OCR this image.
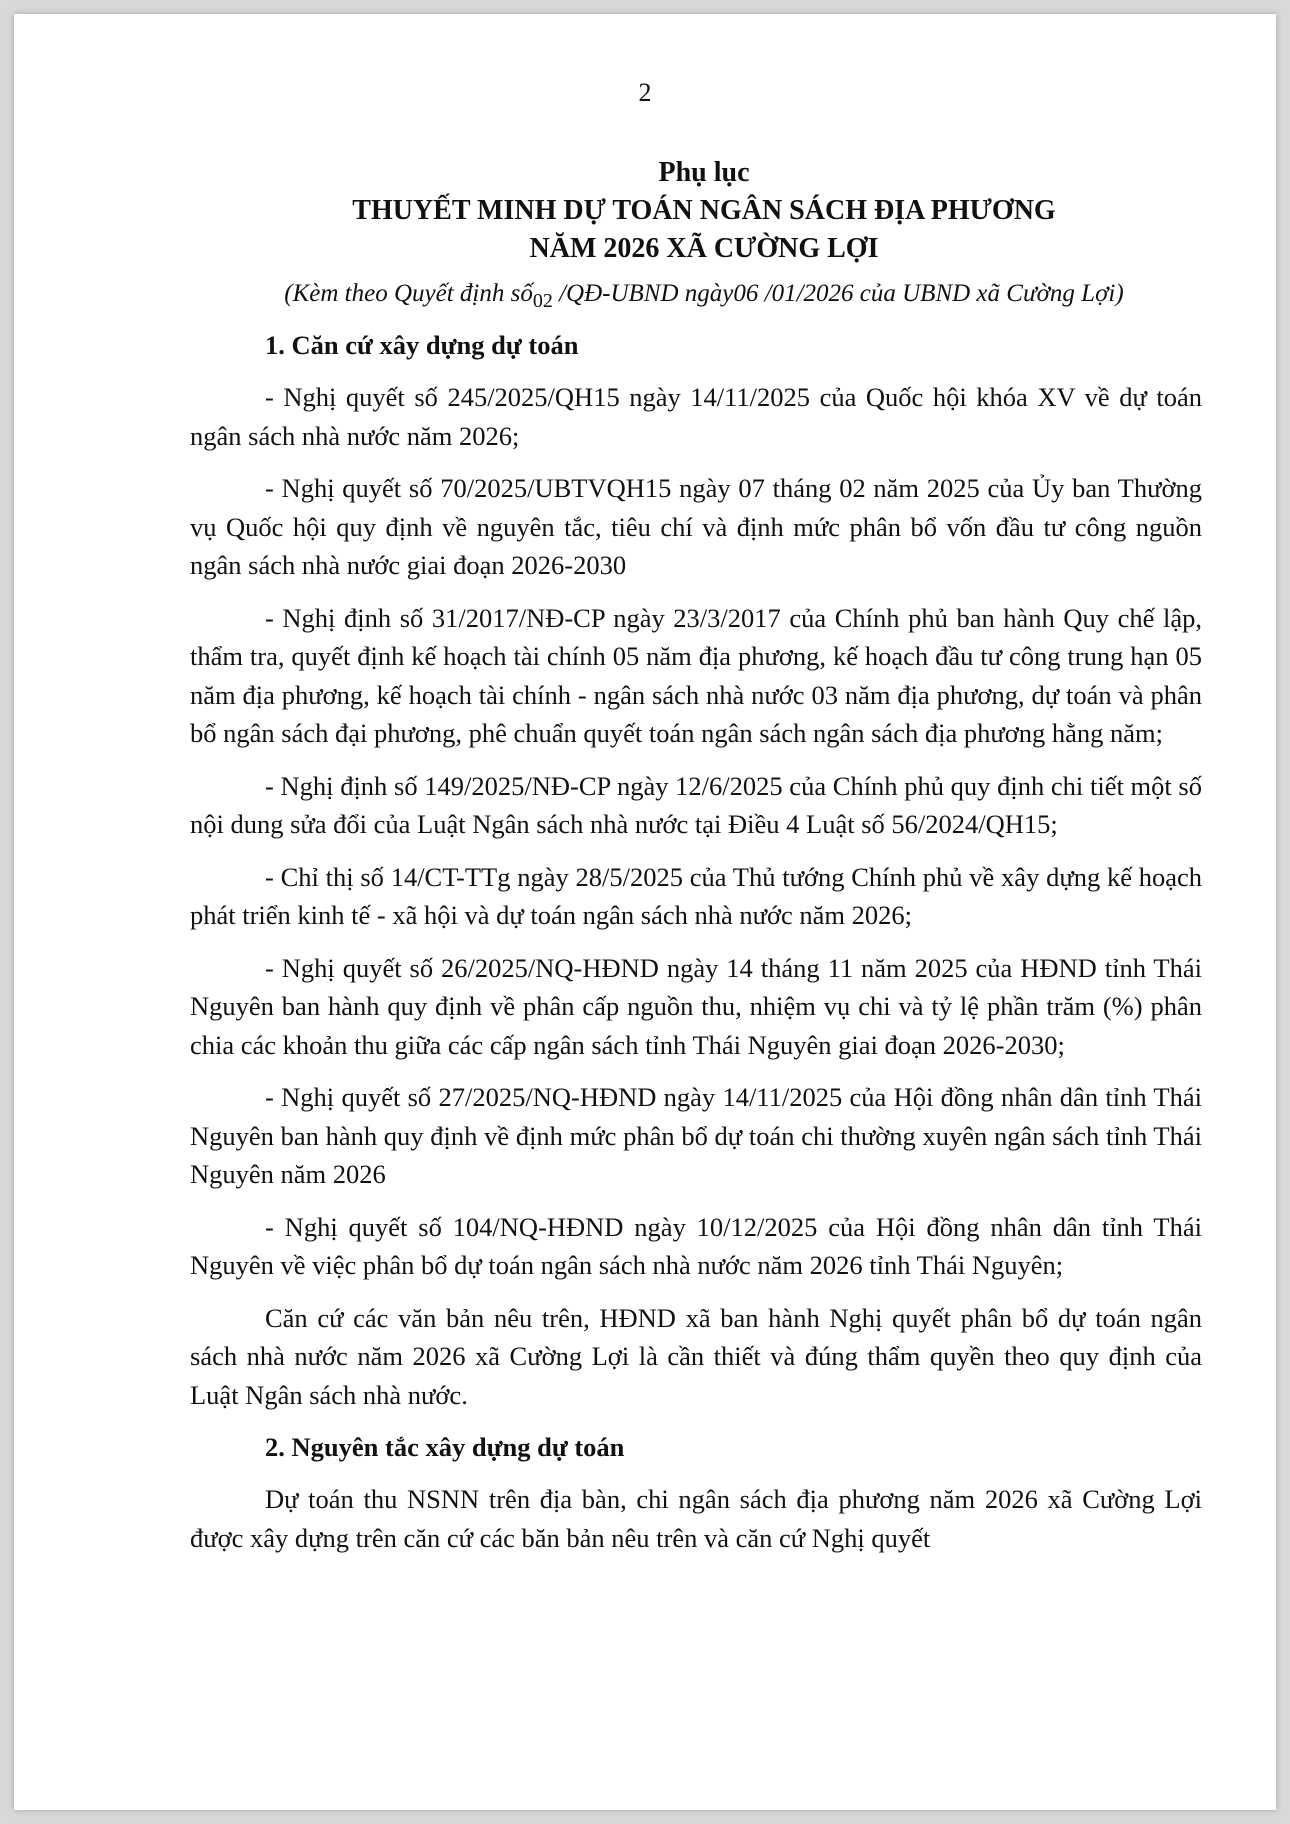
2
Phụ lục
THUYẾT MINH DỰ TOÁN NGÂN SÁCH ĐỊA PHƯƠNG
NĂM 2026 XÃ CƯỜNG LỢI
(Kèm theo Quyết định số$_{02}$ /QĐ-UBND ngày06 /01/2026 của UBND xã Cường Lợi)
1. Căn cứ xây dựng dự toán

- Nghị quyết số 245/2025/QH15 ngày 14/11/2025 của Quốc hội khóa XV về dự toán ngân sách nhà nước năm 2026;

- Nghị quyết số 70/2025/UBTVQH15 ngày 07 tháng 02 năm 2025 của Ủy ban Thường vụ Quốc hội quy định về nguyên tắc, tiêu chí và định mức phân bổ vốn đầu tư công nguồn ngân sách nhà nước giai đoạn 2026-2030

- Nghị định số 31/2017/NĐ-CP ngày 23/3/2017 của Chính phủ ban hành Quy chế lập, thẩm tra, quyết định kế hoạch tài chính 05 năm địa phương, kế hoạch đầu tư công trung hạn 05 năm địa phương, kế hoạch tài chính - ngân sách nhà nước 03 năm địa phương, dự toán và phân bổ ngân sách đại phương, phê chuẩn quyết toán ngân sách ngân sách địa phương hằng năm;

- Nghị định số 149/2025/NĐ-CP ngày 12/6/2025 của Chính phủ quy định chi tiết một số nội dung sửa đổi của Luật Ngân sách nhà nước tại Điều 4 Luật số 56/2024/QH15;

- Chỉ thị số 14/CT-TTg ngày 28/5/2025 của Thủ tướng Chính phủ về xây dựng kế hoạch phát triển kinh tế - xã hội và dự toán ngân sách nhà nước năm 2026;

- Nghị quyết số 26/2025/NQ-HĐND ngày 14 tháng 11 năm 2025 của HĐND tỉnh Thái Nguyên ban hành quy định về phân cấp nguồn thu, nhiệm vụ chi và tỷ lệ phần trăm (%) phân chia các khoản thu giữa các cấp ngân sách tỉnh Thái Nguyên giai đoạn 2026-2030;

- Nghị quyết số 27/2025/NQ-HĐND ngày 14/11/2025 của Hội đồng nhân dân tỉnh Thái Nguyên ban hành quy định về định mức phân bổ dự toán chi thường xuyên ngân sách tỉnh Thái Nguyên năm 2026

- Nghị quyết số 104/NQ-HĐND ngày 10/12/2025 của Hội đồng nhân dân tỉnh Thái Nguyên về việc phân bổ dự toán ngân sách nhà nước năm 2026 tỉnh Thái Nguyên;

Căn cứ các văn bản nêu trên, HĐND xã ban hành Nghị quyết phân bổ dự toán ngân sách nhà nước năm 2026 xã Cường Lợi là cần thiết và đúng thẩm quyền theo quy định của Luật Ngân sách nhà nước.

2. Nguyên tắc xây dựng dự toán

Dự toán thu NSNN trên địa bàn, chi ngân sách địa phương năm 2026 xã Cường Lợi được xây dựng trên căn cứ các băn bản nêu trên và căn cứ Nghị quyết
